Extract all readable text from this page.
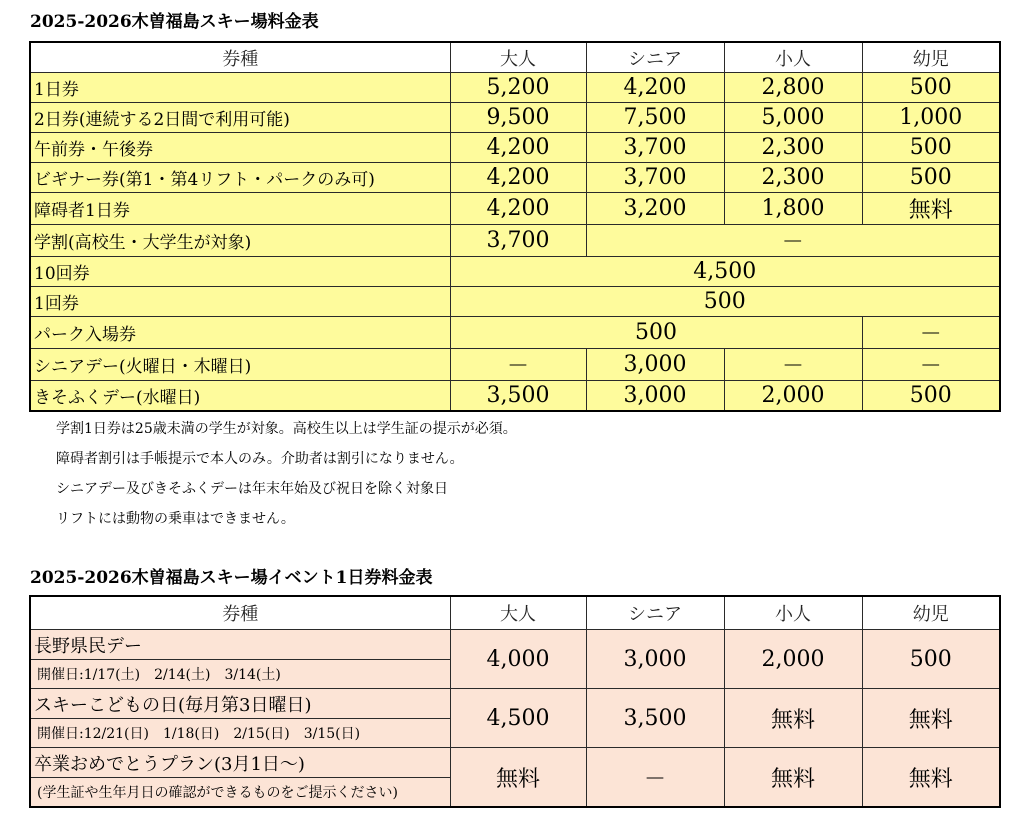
2025-2026木曽福島スキー場料金表
券種	大人	シニア	小人	幼児
1日券	5,200	4,200	2,800	500
2日券(連続する2日間で利用可能)	9,500	7,500	5,000	1,000
午前券・午後券	4,200	3,700	2,300	500
ビギナー券(第1・第4リフト・パークのみ可)	4,200	3,700	2,300	500
障碍者1日券	4,200	3,200	1,800	無料
学割(高校生・大学生が対象)	3,700	－		
10回券	4,500			
1回券	500			
パーク入場券	500			－
シニアデー(火曜日・木曜日)	－	3,000	－	－
きそふくデー(水曜日)	3,500	3,000	2,000	500
学割1日券は25歳未満の学生が対象。高校生以上は学生証の提示が必須。
障碍者割引は手帳提示で本人のみ。介助者は割引になりません。
シニアデー及びきそふくデーは年末年始及び祝日を除く対象日
リフトには動物の乗車はできません。
2025-2026木曽福島スキー場イベント1日券料金表
券種	大人	シニア	小人	幼児
長野県民デー	4,000	3,000	2,000	500
開催日:1/17(土)　2/14(土)　3/14(土)				
スキーこどもの日(毎月第3日曜日)	4,500	3,500	無料	無料
開催日:12/21(日)　1/18(日)　2/15(日)　3/15(日)				
卒業おめでとうプラン(3月1日～)	無料	－	無料	無料
(学生証や生年月日の確認ができるものをご提示ください)				
